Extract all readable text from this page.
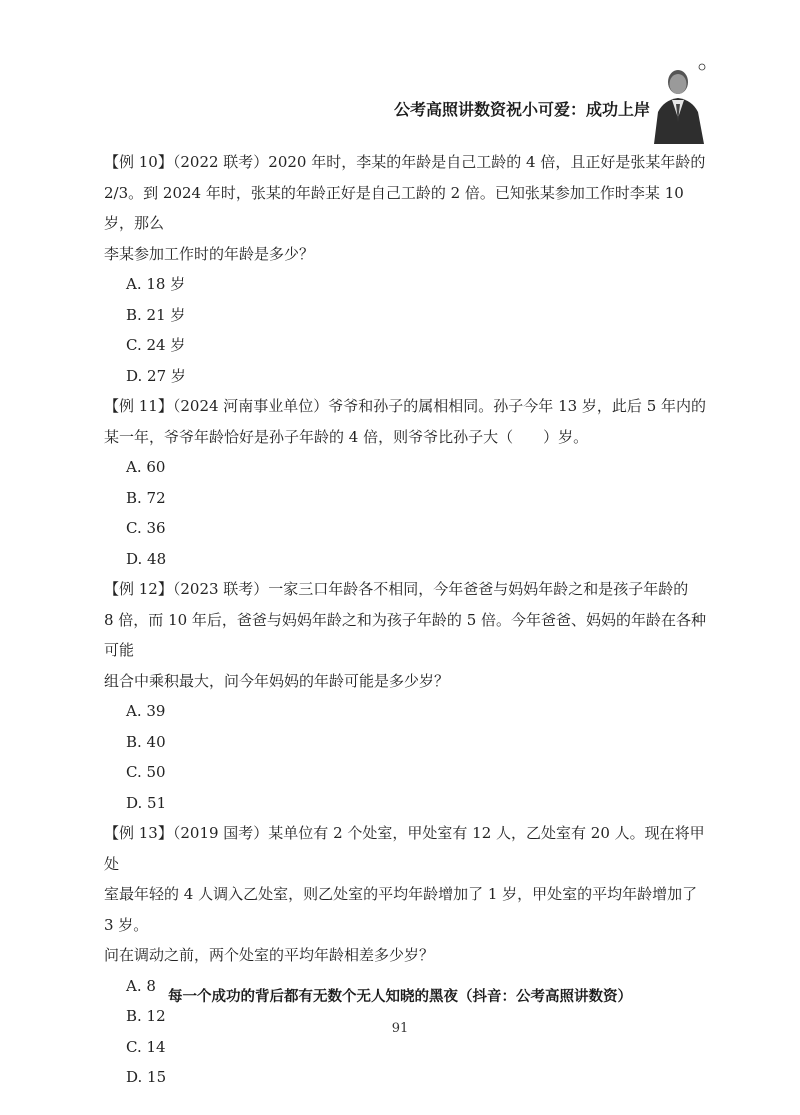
公考高照讲数资祝小可爱：成功上岸

【例 10】（2022 联考）2020 年时，李某的年龄是自己工龄的 4 倍，且正好是张某年龄的

2/3。到 2024 年时，张某的年龄正好是自己工龄的 2 倍。已知张某参加工作时李某 10 岁，那么

李某参加工作时的年龄是多少？

A. 18 岁

B. 21 岁

C. 24 岁

D. 27 岁

【例 11】（2024 河南事业单位）爷爷和孙子的属相相同。孙子今年 13 岁，此后 5 年内的

某一年，爷爷年龄恰好是孙子年龄的 4 倍，则爷爷比孙子大（　　）岁。

A. 60

B. 72

C. 36

D. 48

【例 12】（2023 联考）一家三口年龄各不相同，今年爸爸与妈妈年龄之和是孩子年龄的

8 倍，而 10 年后，爸爸与妈妈年龄之和为孩子年龄的 5 倍。今年爸爸、妈妈的年龄在各种可能

组合中乘积最大，问今年妈妈的年龄可能是多少岁？

A. 39

B. 40

C. 50

D. 51

【例 13】（2019 国考）某单位有 2 个处室，甲处室有 12 人，乙处室有 20 人。现在将甲处

室最年轻的 4 人调入乙处室，则乙处室的平均年龄增加了 1 岁，甲处室的平均年龄增加了 3 岁。

问在调动之前，两个处室的平均年龄相差多少岁？

A. 8

B. 12

C. 14

D. 15

每一个成功的背后都有无数个无人知晓的黑夜（抖音：公考高照讲数资）
91
